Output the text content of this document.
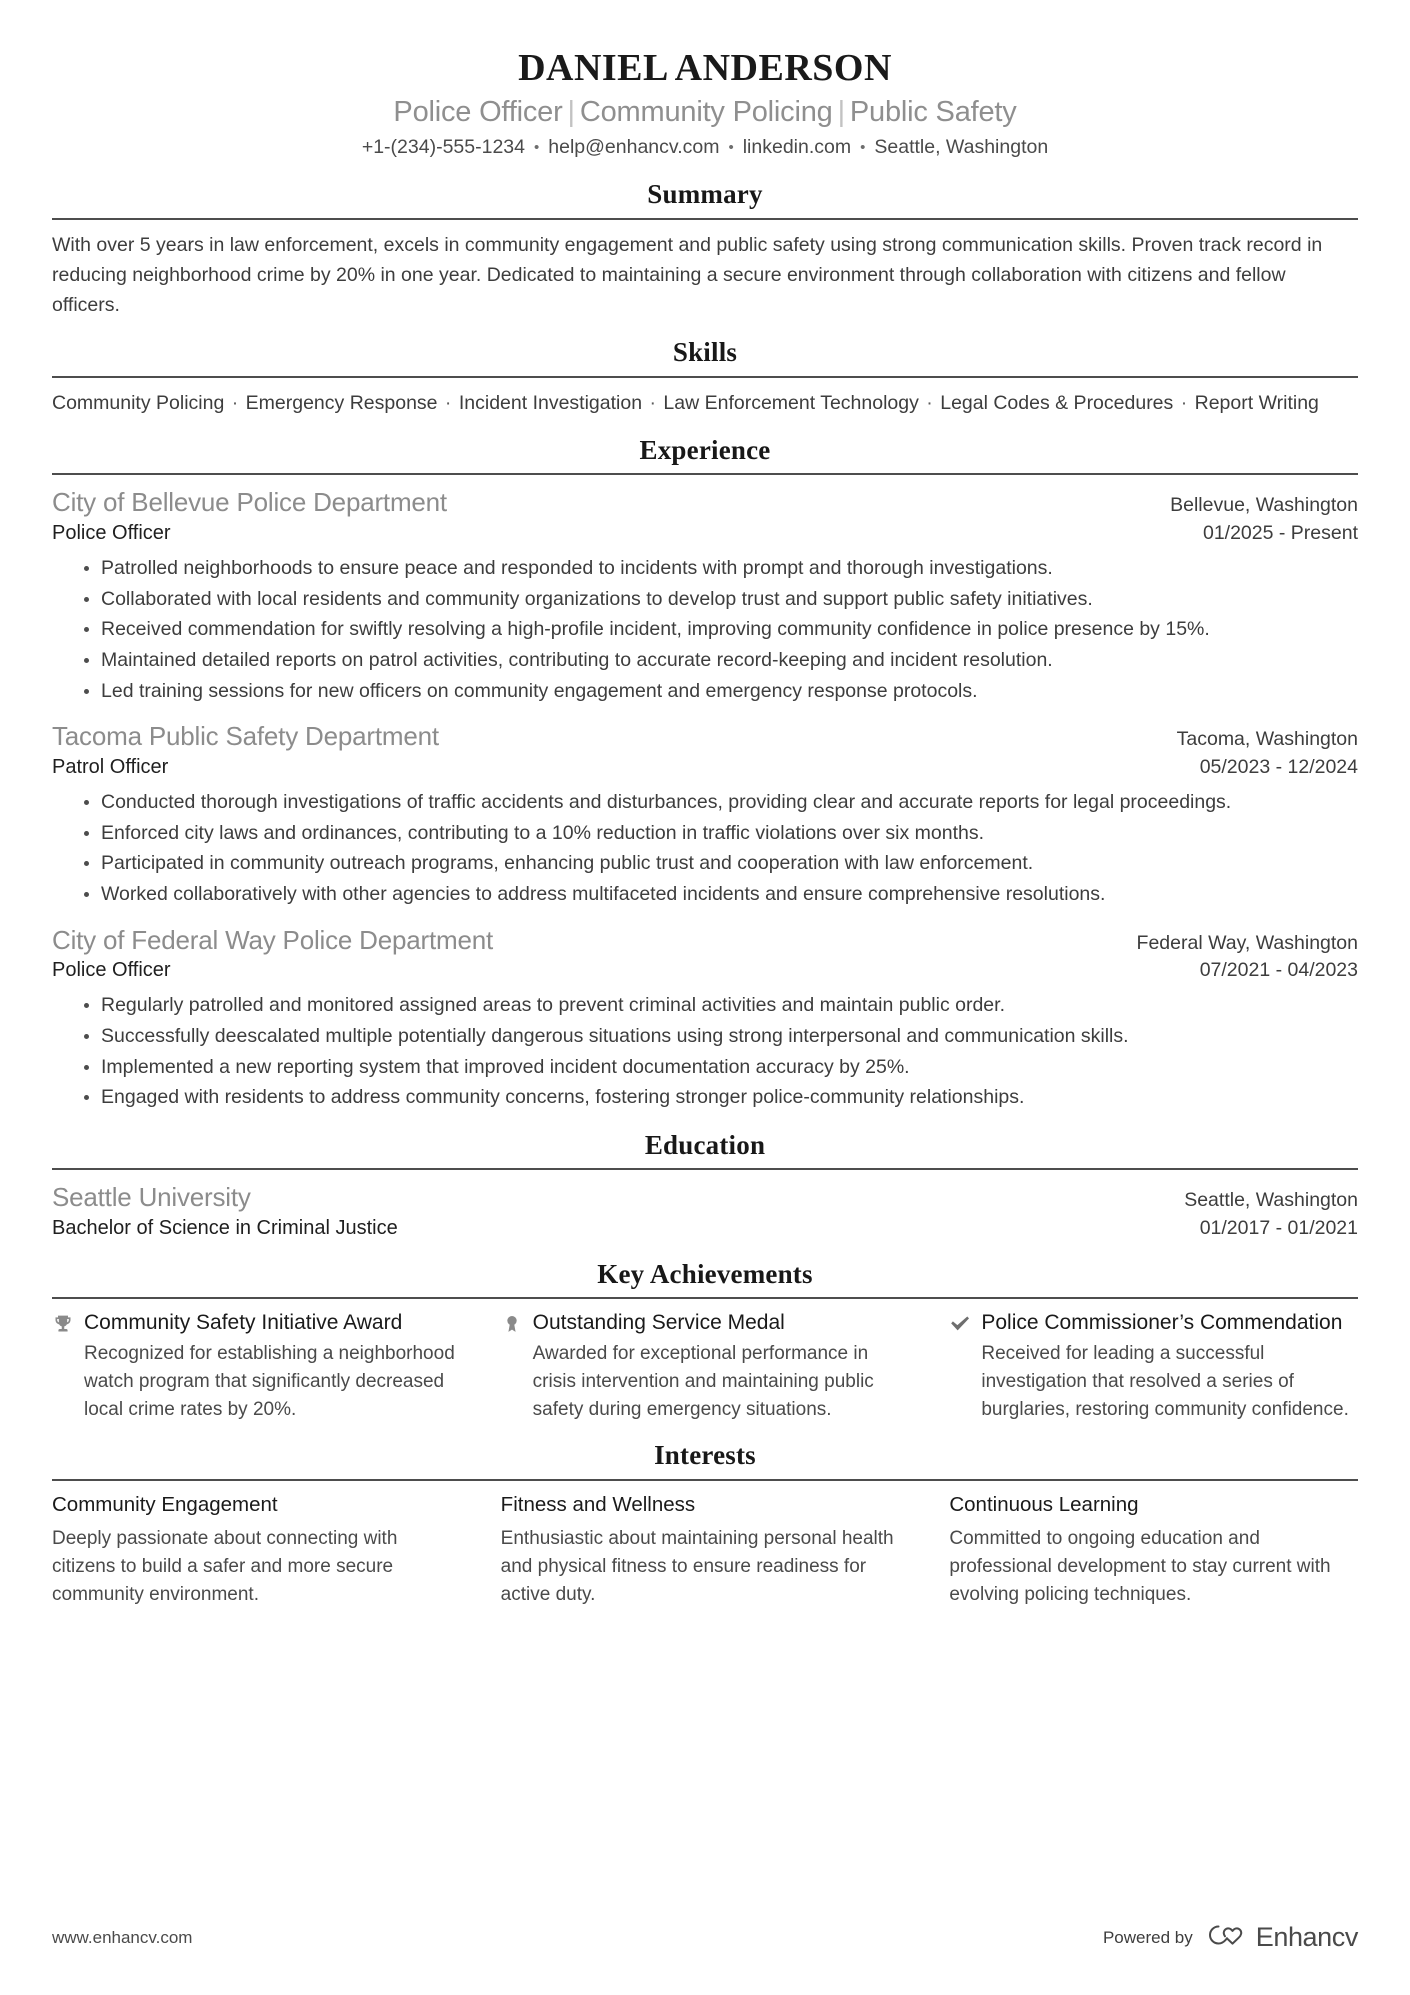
DANIEL ANDERSON
Police Officer | Community Policing | Public Safety
+1-(234)-555-1234 • help@enhancv.com • linkedin.com • Seattle, Washington
Summary
With over 5 years in law enforcement, excels in community engagement and public safety using strong communication skills. Proven track record in reducing neighborhood crime by 20% in one year. Dedicated to maintaining a secure environment through collaboration with citizens and fellow officers.
Skills
Community Policing · Emergency Response · Incident Investigation · Law Enforcement Technology · Legal Codes & Procedures · Report Writing
Experience
City of Bellevue Police Department	Bellevue, Washington
Police Officer	01/2025 - Present
Patrolled neighborhoods to ensure peace and responded to incidents with prompt and thorough investigations.
Collaborated with local residents and community organizations to develop trust and support public safety initiatives.
Received commendation for swiftly resolving a high-profile incident, improving community confidence in police presence by 15%.
Maintained detailed reports on patrol activities, contributing to accurate record-keeping and incident resolution.
Led training sessions for new officers on community engagement and emergency response protocols.
Tacoma Public Safety Department	Tacoma, Washington
Patrol Officer	05/2023 - 12/2024
Conducted thorough investigations of traffic accidents and disturbances, providing clear and accurate reports for legal proceedings.
Enforced city laws and ordinances, contributing to a 10% reduction in traffic violations over six months.
Participated in community outreach programs, enhancing public trust and cooperation with law enforcement.
Worked collaboratively with other agencies to address multifaceted incidents and ensure comprehensive resolutions.
City of Federal Way Police Department	Federal Way, Washington
Police Officer	07/2021 - 04/2023
Regularly patrolled and monitored assigned areas to prevent criminal activities and maintain public order.
Successfully deescalated multiple potentially dangerous situations using strong interpersonal and communication skills.
Implemented a new reporting system that improved incident documentation accuracy by 25%.
Engaged with residents to address community concerns, fostering stronger police-community relationships.
Education
Seattle University	Seattle, Washington
Bachelor of Science in Criminal Justice	01/2017 - 01/2021
Key Achievements
Community Safety Initiative Award
Recognized for establishing a neighborhood watch program that significantly decreased local crime rates by 20%.
Outstanding Service Medal
Awarded for exceptional performance in crisis intervention and maintaining public safety during emergency situations.
Police Commissioner’s Commendation
Received for leading a successful investigation that resolved a series of burglaries, restoring community confidence.
Interests
Community Engagement
Deeply passionate about connecting with citizens to build a safer and more secure community environment.
Fitness and Wellness
Enthusiastic about maintaining personal health and physical fitness to ensure readiness for active duty.
Continuous Learning
Committed to ongoing education and professional development to stay current with evolving policing techniques.
www.enhancv.com	Powered by Enhancv
